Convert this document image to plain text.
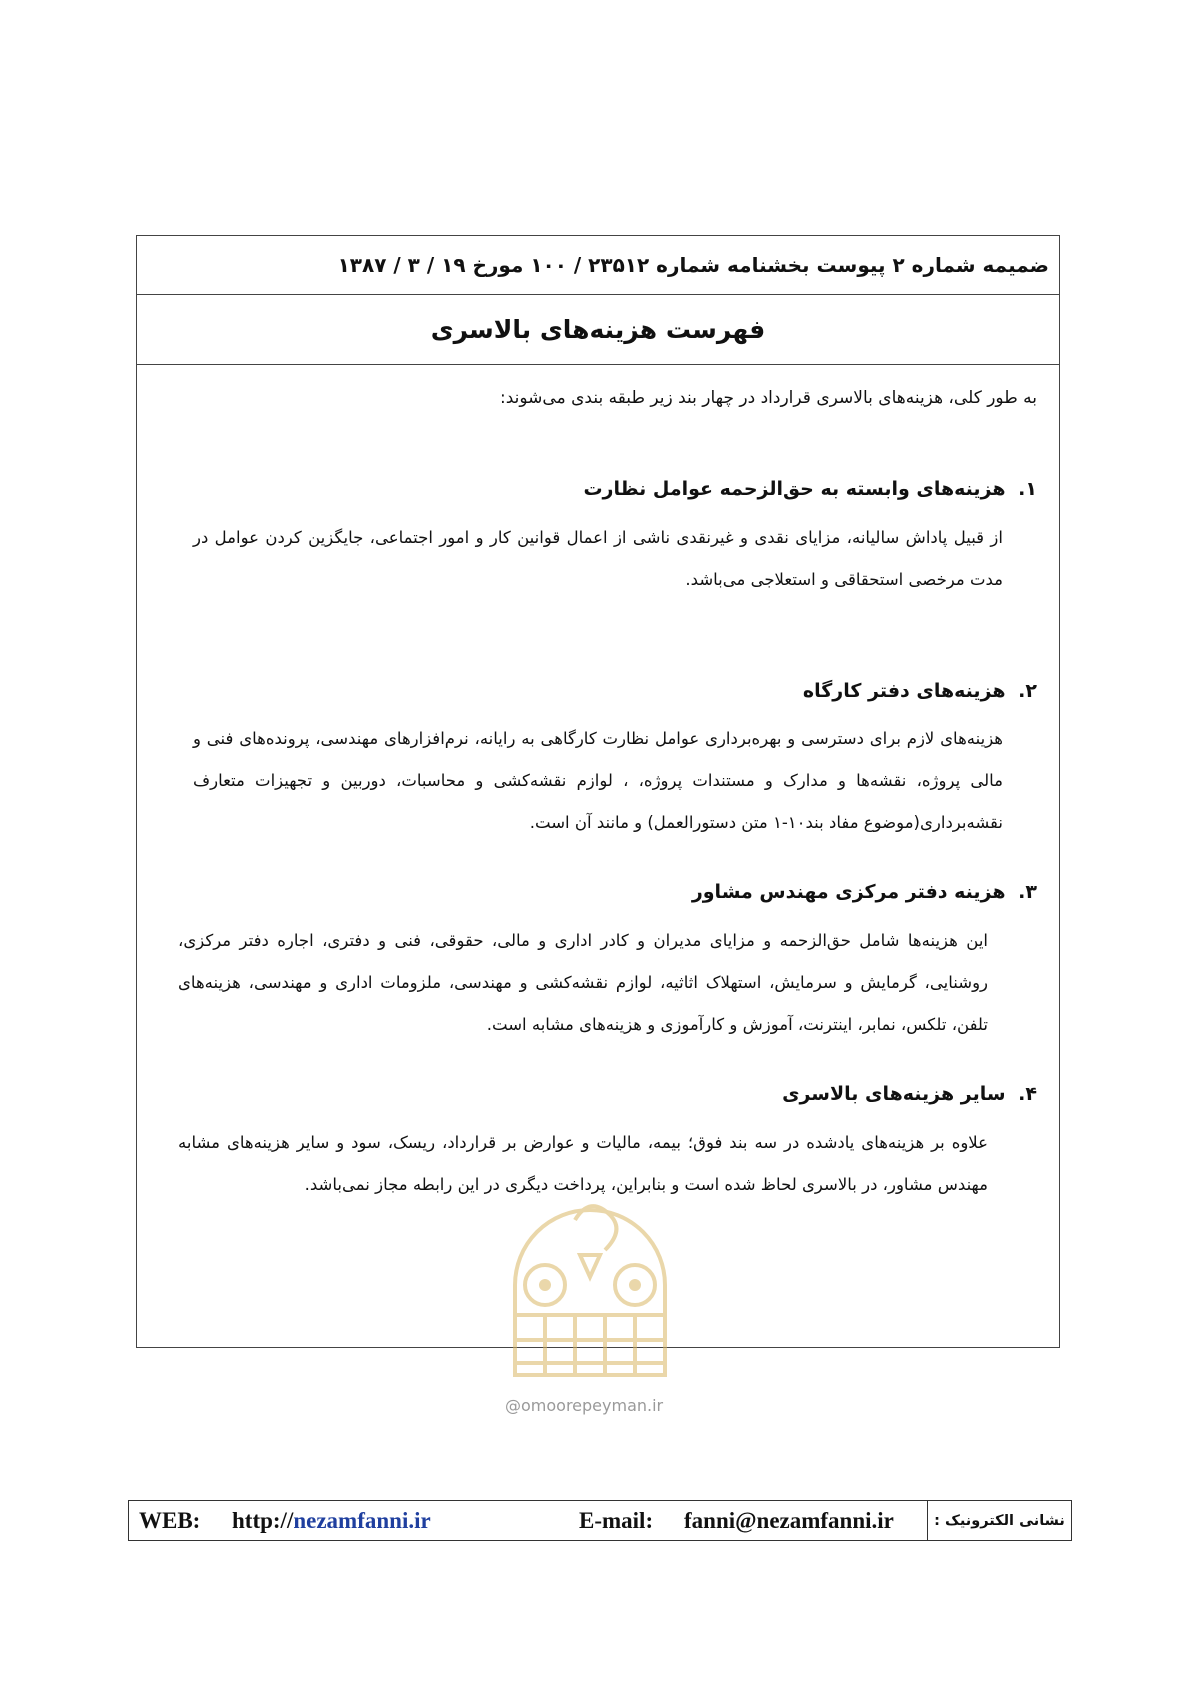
ضمیمه شماره ۲ پیوست بخشنامه شماره ۲۳۵۱۲ / ۱۰۰ مورخ ۱۹ / ۳ / ۱۳۸۷
فهرست هزینه‌های بالاسری
به طور کلی، هزینه‌های بالاسری قرارداد در چهار بند زیر طبقه بندی می‌شوند:
۱. هزینه‌های وابسته به حق‌الزحمه عوامل نظارت

از قبیل پاداش سالیانه، مزایای نقدی و غیرنقدی ناشی از اعمال قوانین کار و امور اجتماعی، جایگزین کردن عوامل در مدت مرخصی استحقاقی و استعلاجی می‌باشد.

۲. هزینه‌های دفتر کارگاه

هزینه‌های لازم برای دسترسی و بهره‌برداری عوامل نظارت کارگاهی به رایانه، نرم‌افزارهای مهندسی، پرونده‌های فنی و مالی پروژه، نقشه‌ها و مدارک و مستندات پروژه، ، لوازم نقشه‌کشی و محاسبات، دوربین و تجهیزات متعارف نقشه‌برداری(موضوع مفاد بند۱۰-۱ متن دستورالعمل) و مانند آن است.

۳. هزینه دفتر مرکزی مهندس مشاور

این هزینه‌ها شامل حق‌الزحمه و مزایای مدیران و کادر اداری و مالی، حقوقی، فنی و دفتری، اجاره دفتر مرکزی، روشنایی، گرمایش و سرمایش، استهلاک اثاثیه، لوازم نقشه‌کشی و مهندسی، ملزومات اداری و مهندسی، هزینه‌های تلفن، تلکس، نمابر، اینترنت، آموزش و کارآموزی و هزینه‌های مشابه است.

۴. سایر هزینه‌های بالاسری

علاوه بر هزینه‌های یادشده در سه بند فوق؛ بیمه، مالیات و عوارض بر قرارداد، ریسک، سود و سایر هزینه‌های مشابه مهندس مشاور، در بالاسری لحاظ شده است و بنابراین، پرداخت دیگری در این رابطه مجاز نمی‌باشد.

@omoorepeyman.ir
نشانی الکترونیک :
WEB: http://nezamfanni.ir	E-mail: fanni@nezamfanni.ir
